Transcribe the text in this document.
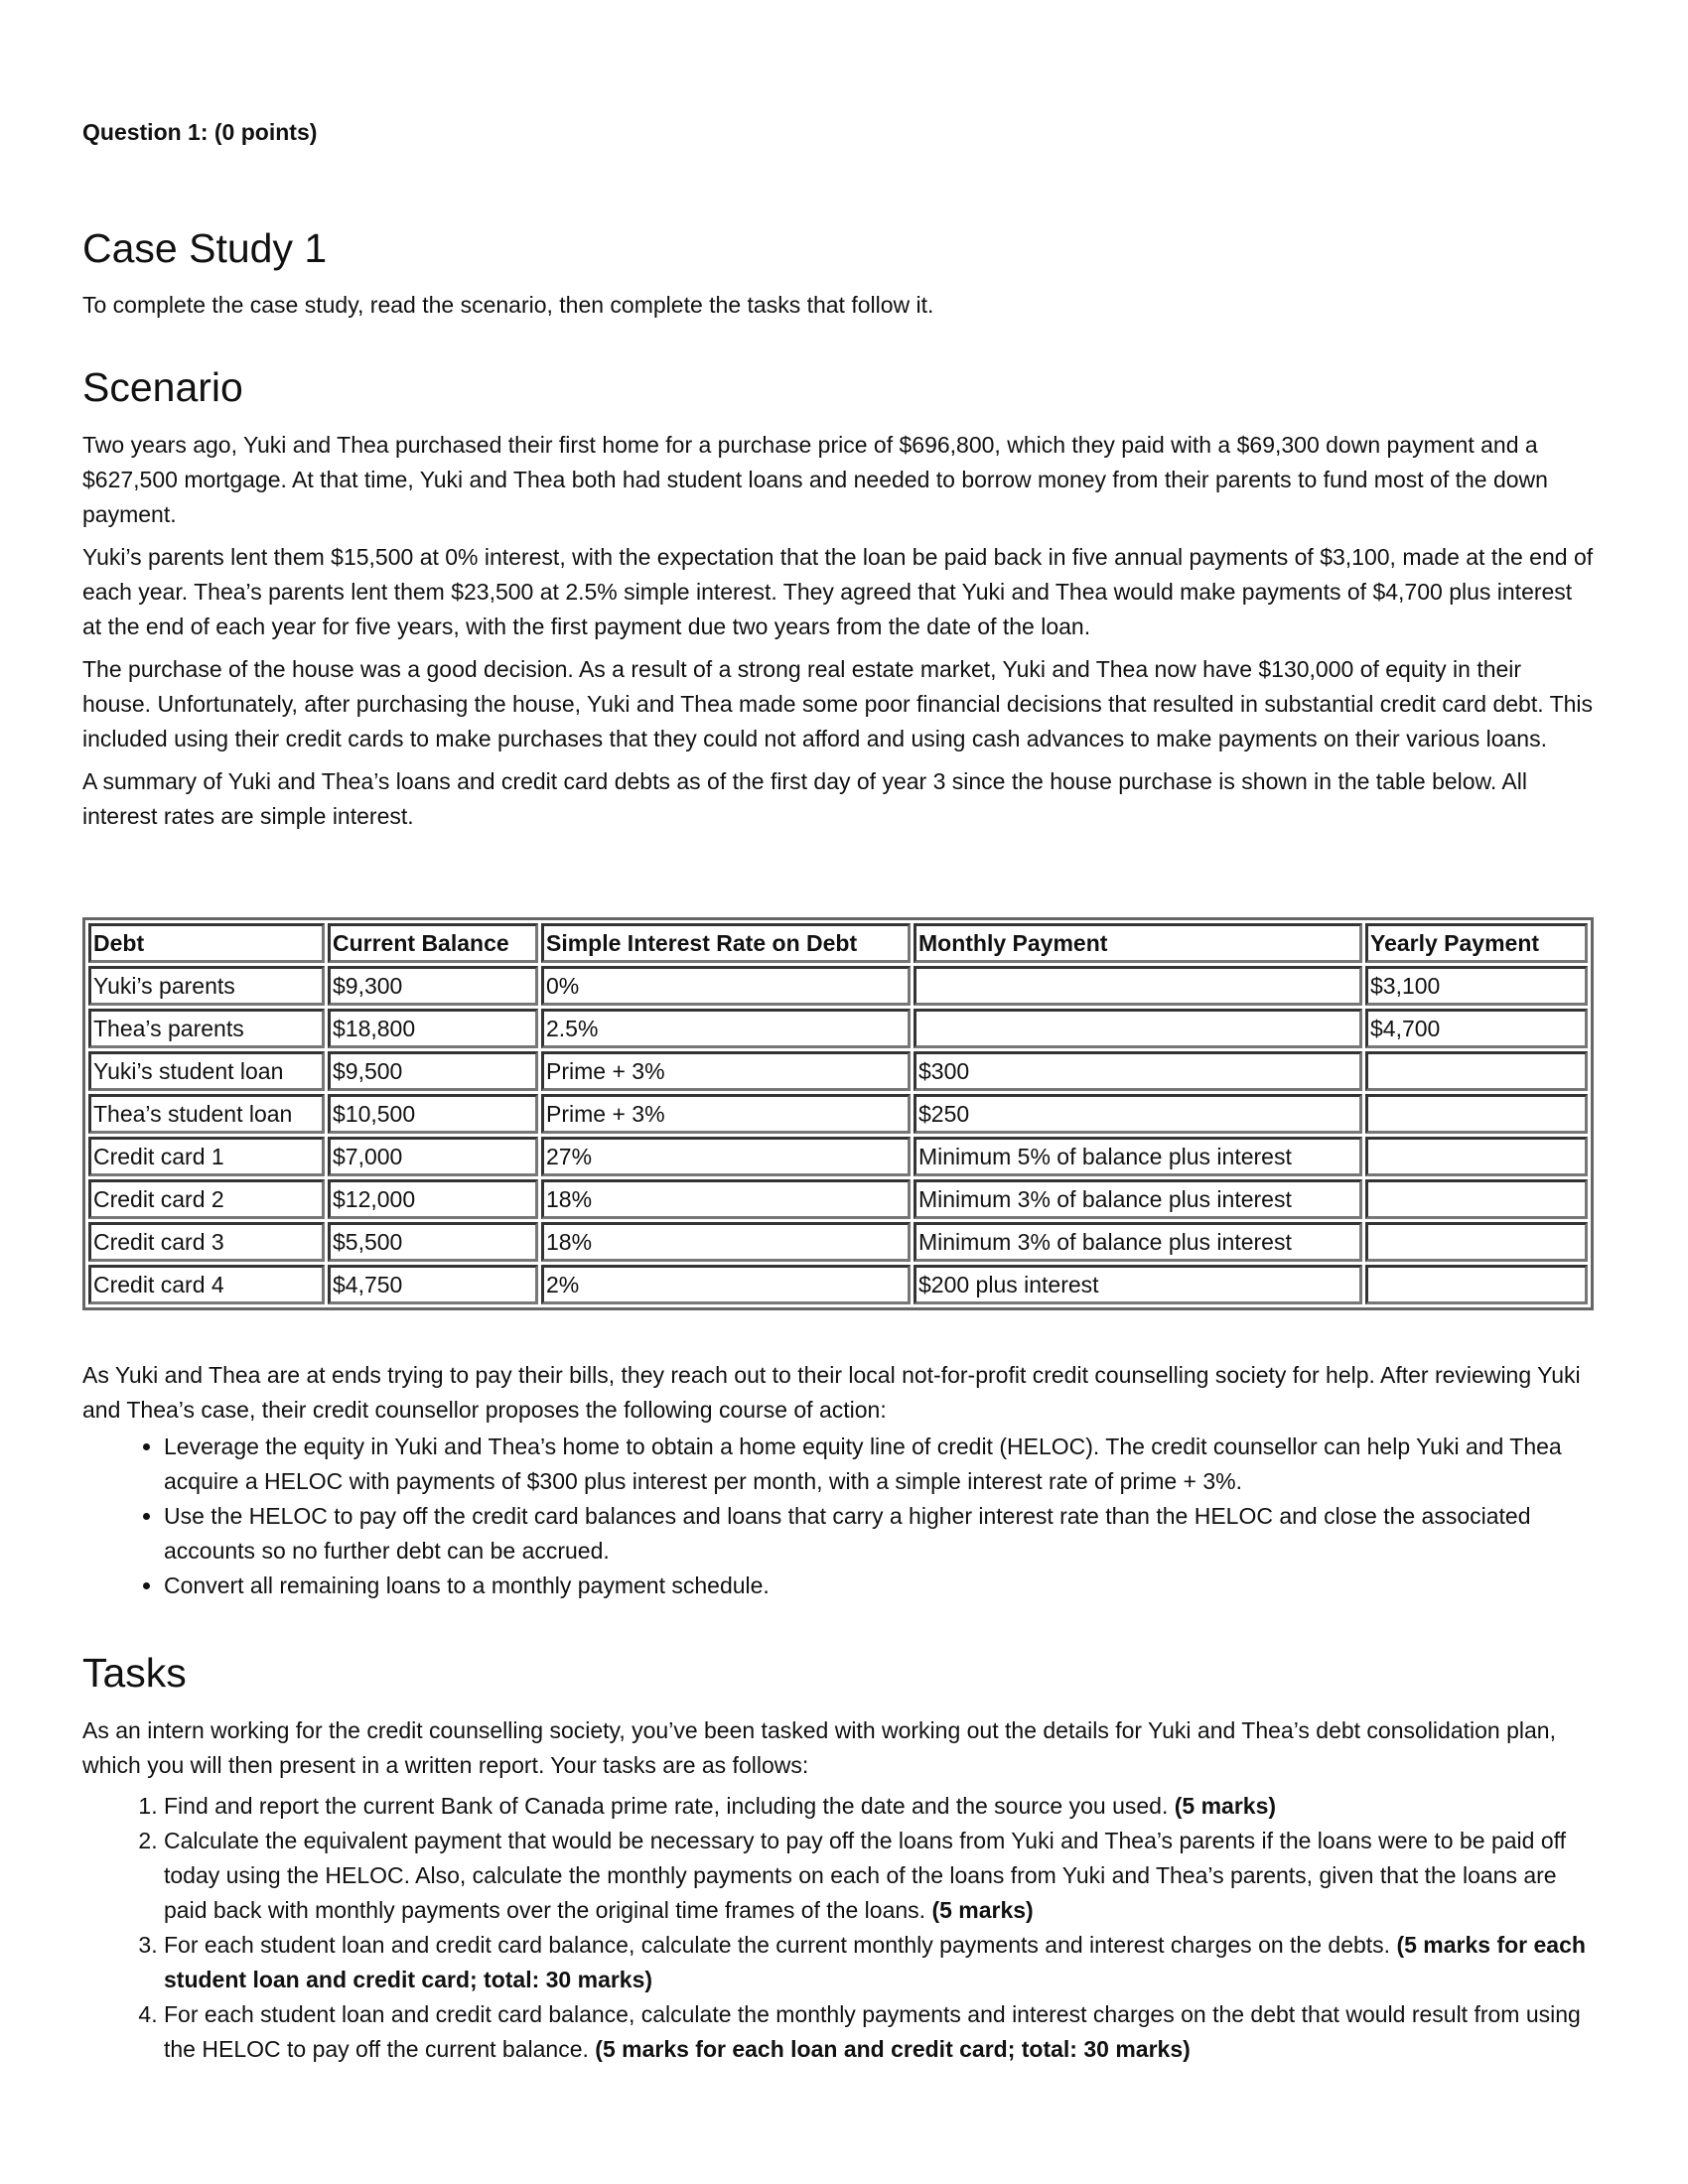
Question 1: (0 points)
Case Study 1
To complete the case study, read the scenario, then complete the tasks that follow it.
Scenario

Two years ago, Yuki and Thea purchased their first home for a purchase price of $696,800, which they paid with a $69,300 down payment and a $627,500 mortgage. At that time, Yuki and Thea both had student loans and needed to borrow money from their parents to fund most of the down payment.

Yuki’s parents lent them $15,500 at 0% interest, with the expectation that the loan be paid back in five annual payments of $3,100, made at the end of each year. Thea’s parents lent them $23,500 at 2.5% simple interest. They agreed that Yuki and Thea would make payments of $4,700 plus interest at the end of each year for five years, with the first payment due two years from the date of the loan.

The purchase of the house was a good decision. As a result of a strong real estate market, Yuki and Thea now have $130,000 of equity in their house. Unfortunately, after purchasing the house, Yuki and Thea made some poor financial decisions that resulted in substantial credit card debt. This included using their credit cards to make purchases that they could not afford and using cash advances to make payments on their various loans.

A summary of Yuki and Thea’s loans and credit card debts as of the first day of year 3 since the house purchase is shown in the table below. All interest rates are simple interest.

Debt	Current Balance	Simple Interest Rate on Debt	Monthly Payment	Yearly Payment
Yuki’s parents	$9,300	0%		$3,100
Thea’s parents	$18,800	2.5%		$4,700
Yuki’s student loan	$9,500	Prime + 3%	$300	
Thea’s student loan	$10,500	Prime + 3%	$250	
Credit card 1	$7,000	27%	Minimum 5% of balance plus interest	
Credit card 2	$12,000	18%	Minimum 3% of balance plus interest	
Credit card 3	$5,500	18%	Minimum 3% of balance plus interest	
Credit card 4	$4,750	2%	$200 plus interest	
As Yuki and Thea are at ends trying to pay their bills, they reach out to their local not-for-profit credit counselling society for help. After reviewing Yuki and Thea’s case, their credit counsellor proposes the following course of action:
• Leverage the equity in Yuki and Thea’s home to obtain a home equity line of credit (HELOC). The credit counsellor can help Yuki and Thea acquire a HELOC with payments of $300 plus interest per month, with a simple interest rate of prime + 3%.
• Use the HELOC to pay off the credit card balances and loans that carry a higher interest rate than the HELOC and close the associated accounts so no further debt can be accrued.
• Convert all remaining loans to a monthly payment schedule.
Tasks
As an intern working for the credit counselling society, you’ve been tasked with working out the details for Yuki and Thea’s debt consolidation plan, which you will then present in a written report. Your tasks are as follows:
1. Find and report the current Bank of Canada prime rate, including the date and the source you used. (5 marks)
2. Calculate the equivalent payment that would be necessary to pay off the loans from Yuki and Thea’s parents if the loans were to be paid off today using the HELOC. Also, calculate the monthly payments on each of the loans from Yuki and Thea’s parents, given that the loans are paid back with monthly payments over the original time frames of the loans. (5 marks)
3. For each student loan and credit card balance, calculate the current monthly payments and interest charges on the debts. (5 marks for each student loan and credit card; total: 30 marks)
4. For each student loan and credit card balance, calculate the monthly payments and interest charges on the debt that would result from using the HELOC to pay off the current balance. (5 marks for each loan and credit card; total: 30 marks)
